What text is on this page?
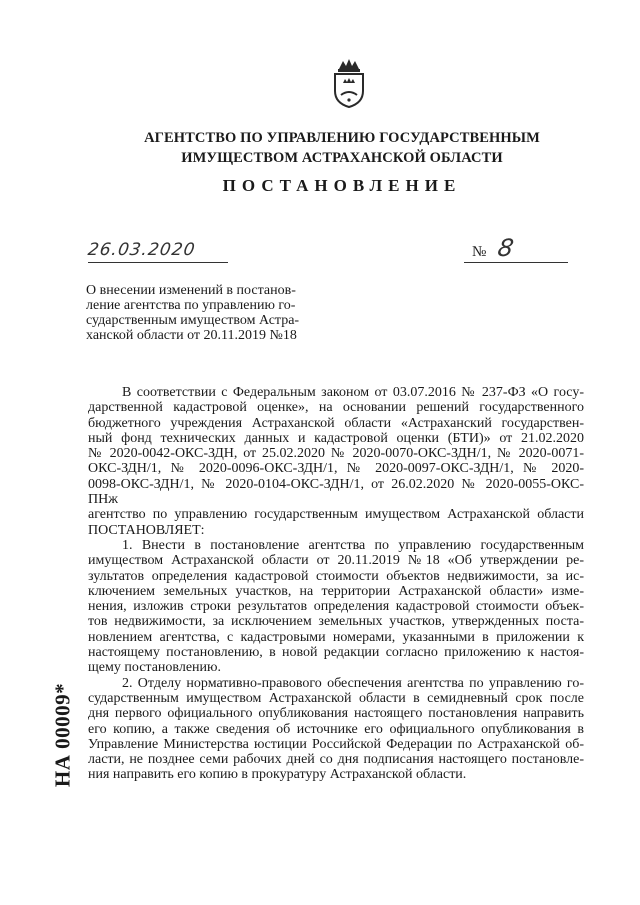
АГЕНТСТВО ПО УПРАВЛЕНИЮ ГОСУДАРСТВЕННЫМ
ИМУЩЕСТВОМ АСТРАХАНСКОЙ ОБЛАСТИ
ПОСТАНОВЛЕНИЕ
26.03.2020	№ 8
О внесении изменений в постанов-
ление агентства по управлению го-
сударственным имуществом Астра-
ханской области от 20.11.2019 №18
В соответствии с Федеральным законом от 03.07.2016 № 237-ФЗ «О госу-
дарственной кадастровой оценке», на основании решений государственного
бюджетного учреждения Астраханской области «Астраханский государствен-
ный фонд технических данных и кадастровой оценки (БТИ)» от 21.02.2020
№ 2020-0042-ОКС-ЗДН, от 25.02.2020 № 2020-0070-ОКС-ЗДН/1, № 2020-0071-
ОКС-ЗДН/1, № 2020-0096-ОКС-ЗДН/1, № 2020-0097-ОКС-ЗДН/1, № 2020-
0098-ОКС-ЗДН/1, № 2020-0104-ОКС-ЗДН/1, от 26.02.2020 № 2020-0055-ОКС-
ПНж
агентство по управлению государственным имуществом Астраханской области
ПОСТАНОВЛЯЕТ:
1. Внести в постановление агентства по управлению государственным
имуществом Астраханской области от 20.11.2019 №18 «Об утверждении ре-
зультатов определения кадастровой стоимости объектов недвижимости, за ис-
ключением земельных участков, на территории Астраханской области» изме-
нения, изложив строки результатов определения кадастровой стоимости объек-
тов недвижимости, за исключением земельных участков, утвержденных поста-
новлением агентства, с кадастровыми номерами, указанными в приложении к
настоящему постановлению, в новой редакции согласно приложению к настоя-
щему постановлению.
2. Отделу нормативно-правового обеспечения агентства по управлению го-
сударственным имуществом Астраханской области в семидневный срок после
дня первого официального опубликования настоящего постановления направить
его копию, а также сведения об источнике его официального опубликования в
Управление Министерства юстиции Российской Федерации по Астраханской об-
ласти, не позднее семи рабочих дней со дня подписания настоящего постановле-
ния направить его копию в прокуратуру Астраханской области.
НА 00009*
